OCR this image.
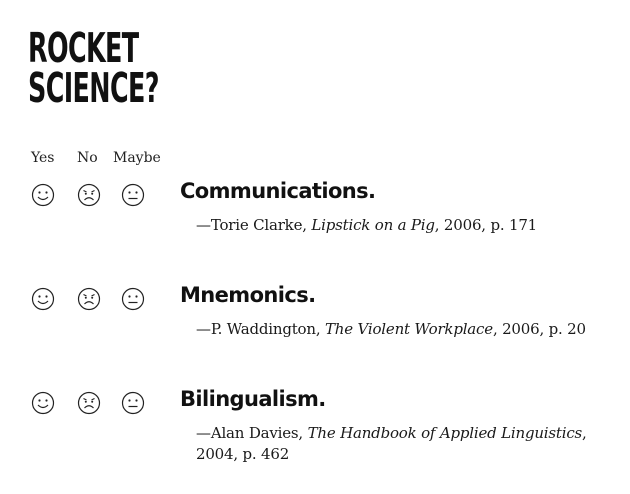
ROCKET
SCIENCE?
Yes No Maybe
Communications.
—Torie Clarke, Lipstick on a Pig, 2006, p. 171
Mnemonics.
—P. Waddington, The Violent Workplace, 2006, p. 20
Bilingualism.
—Alan Davies, The Handbook of Applied Linguistics, 2004, p. 462
